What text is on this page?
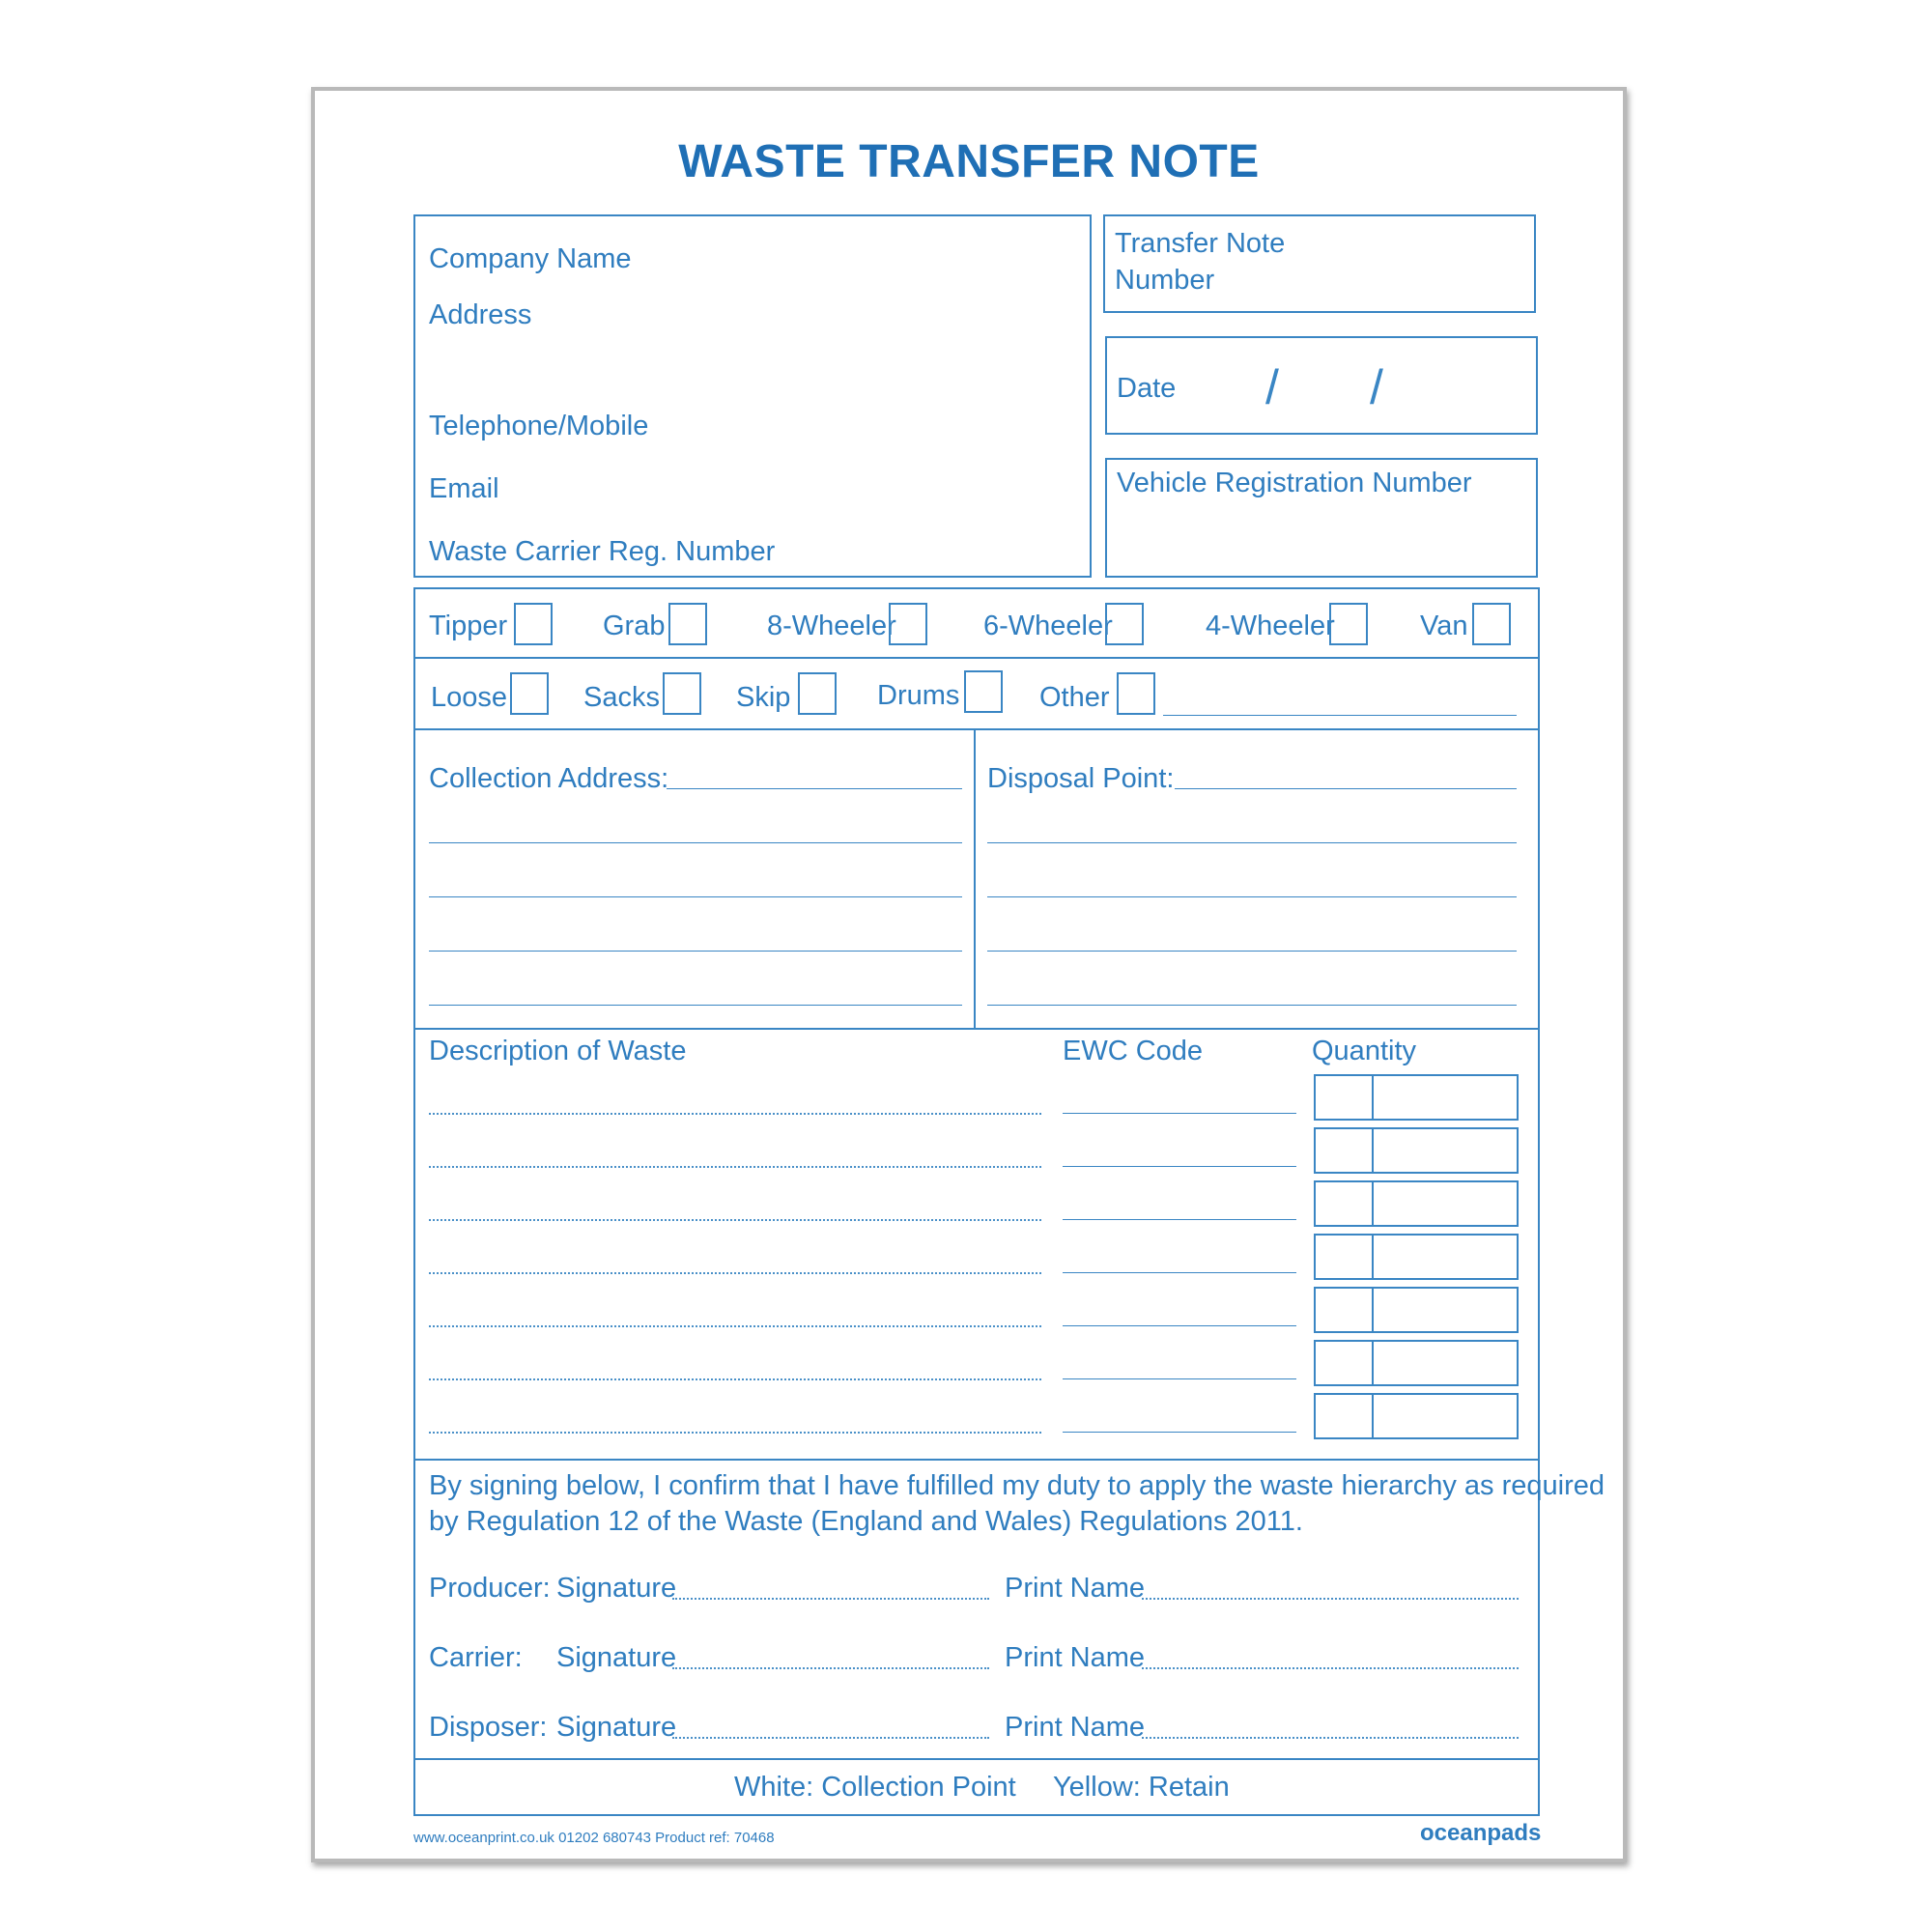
WASTE TRANSFER NOTE
Company Name
Address
Telephone/Mobile
Email
Waste Carrier Reg. Number
Transfer Note
Number
Date / /
Vehicle Registration Number
Tipper	Grab	8-Wheeler	6-Wheeler	4-Wheeler	Van
Loose	Sacks	Skip	Drums	Other
Collection Address:	Disposal Point:
Description of Waste	EWC Code	Quantity
By signing below, I confirm that I have fulfilled my duty to apply the waste hierarchy as required
by Regulation 12 of the Waste (England and Wales) Regulations 2011.
Producer: Signature	Print Name
Carrier: Signature	Print Name
Disposer: Signature	Print Name
White: Collection Point Yellow: Retain
www.oceanprint.co.uk 01202 680743 Product ref: 70468	oceanpads
